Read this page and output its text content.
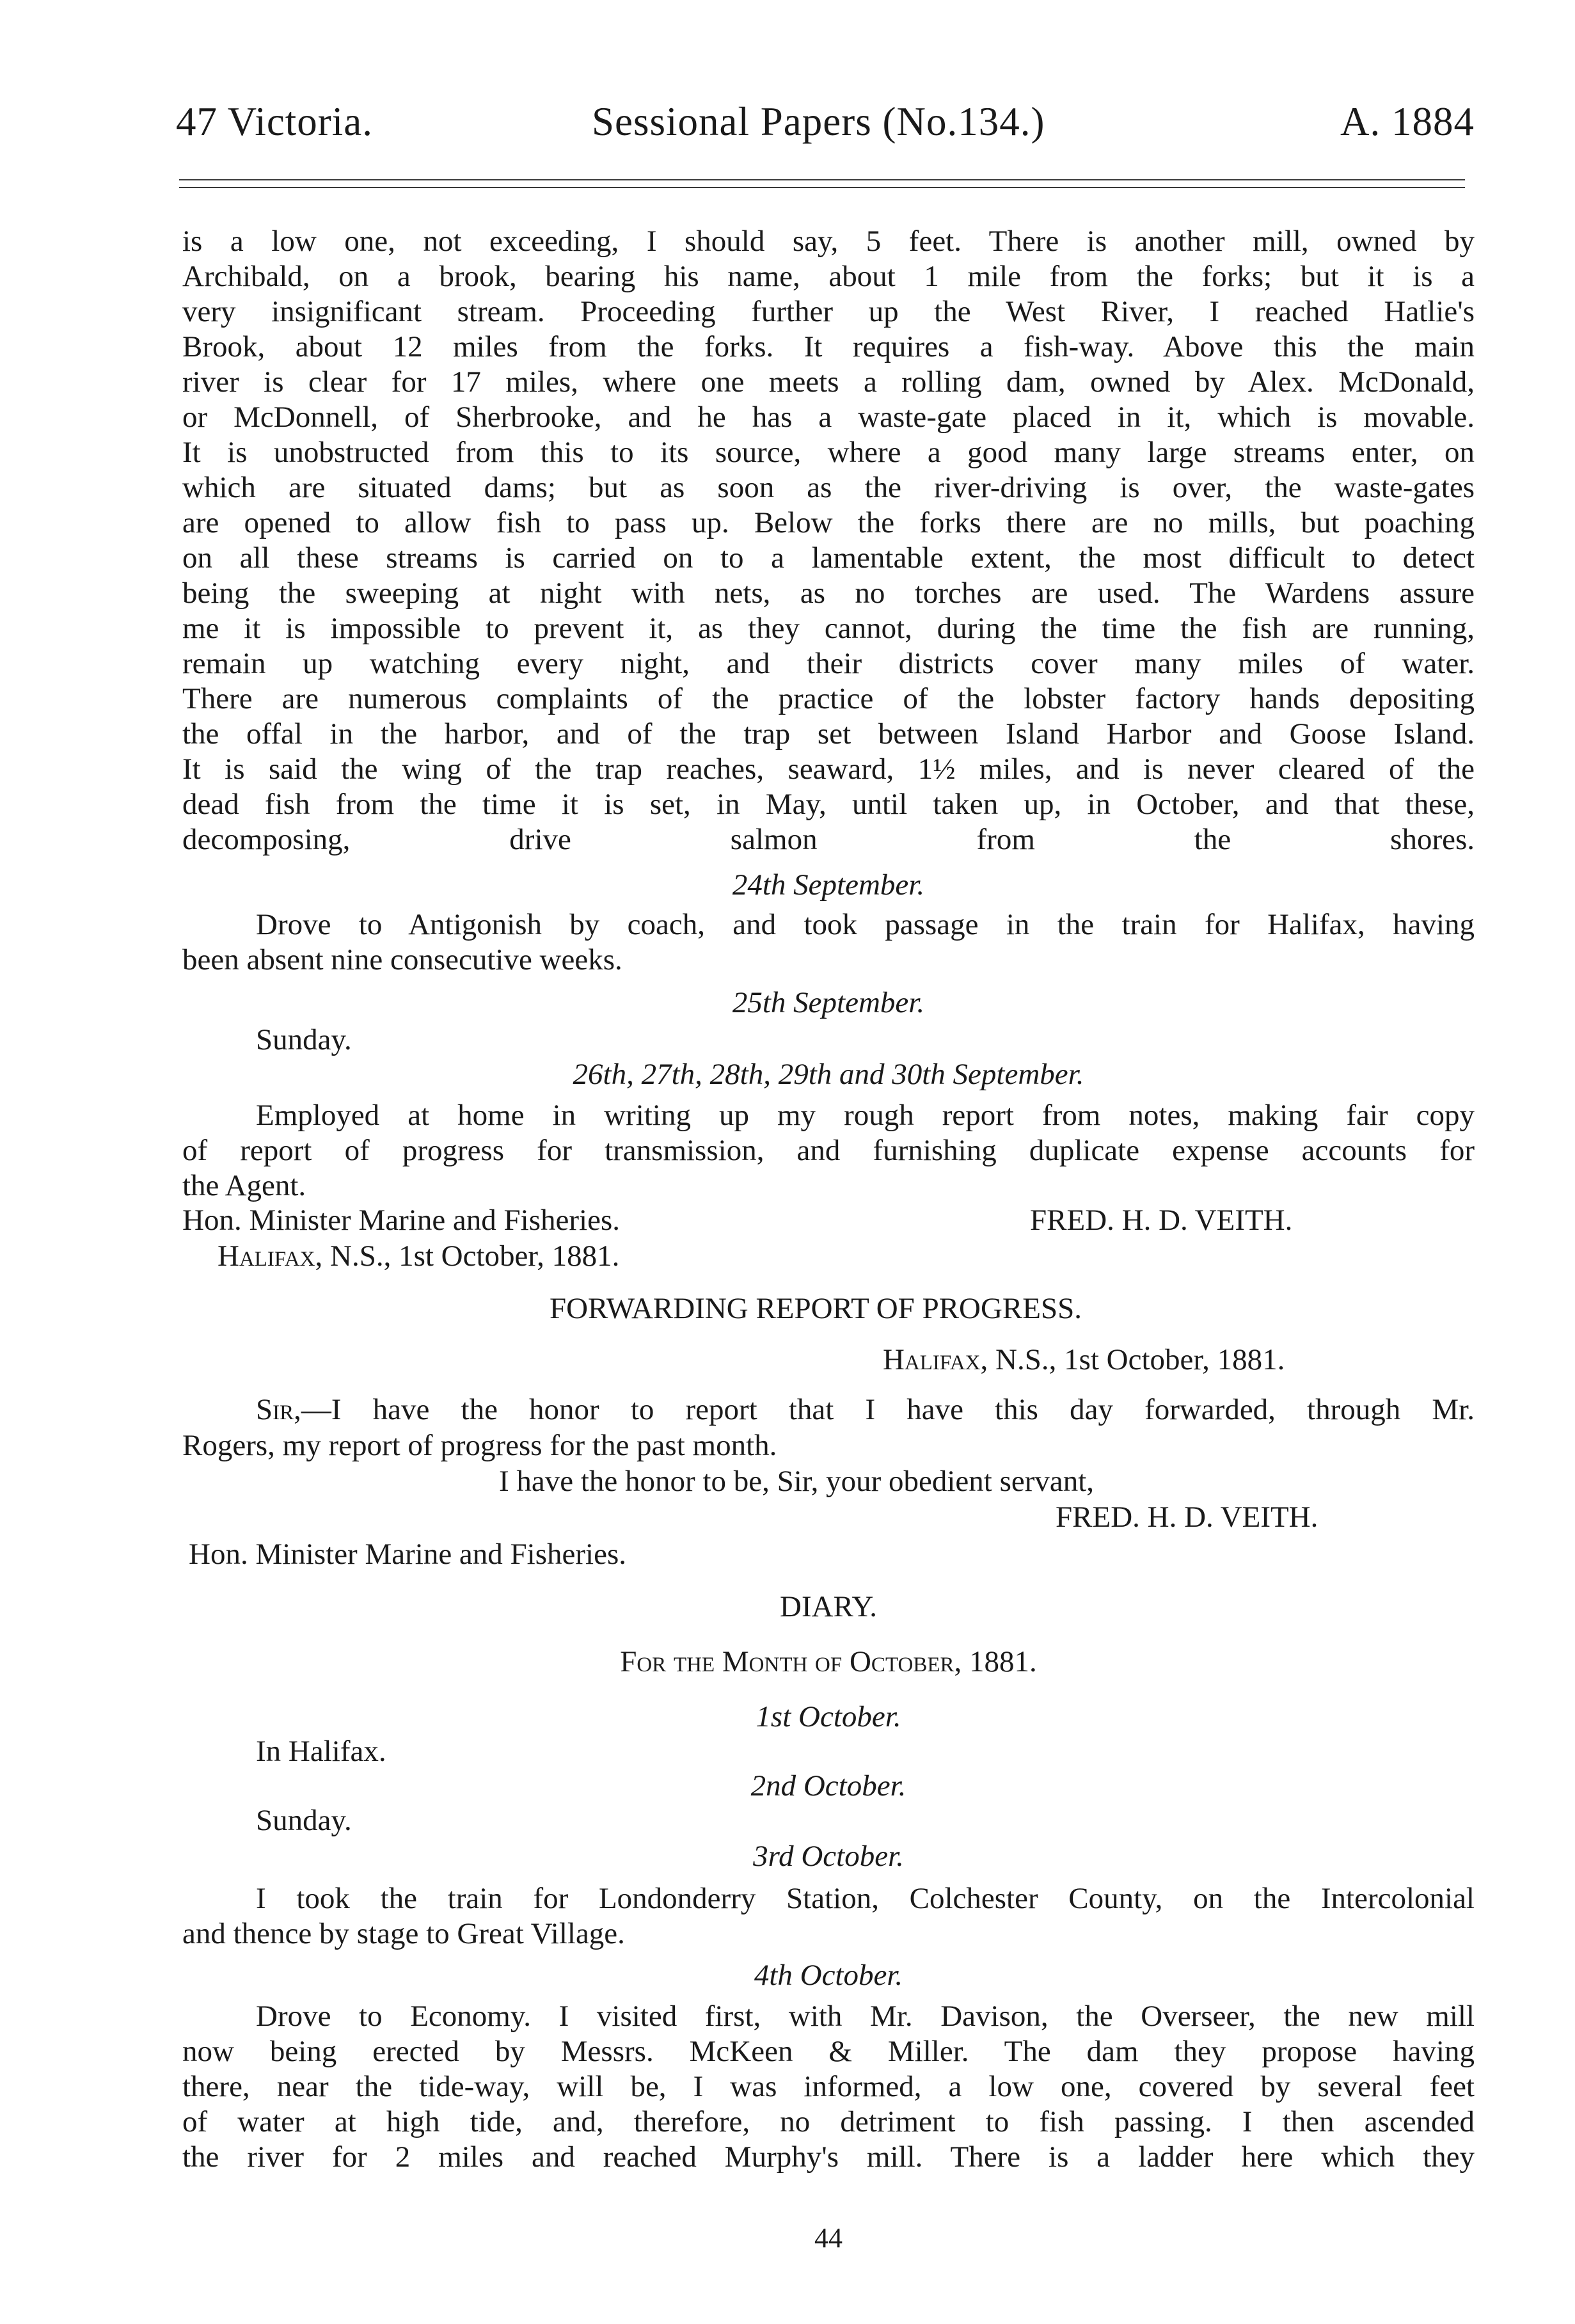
47 Victoria.	Sessional Papers (No.134.)	A. 1884
is a low one, not exceeding, I should say, 5 feet. There is another mill, owned by
Archibald, on a brook, bearing his name, about 1 mile from the forks; but it is a
very insignificant stream. Proceeding further up the West River, I reached Hatlie's
Brook, about 12 miles from the forks. It requires a fish-way. Above this the main
river is clear for 17 miles, where one meets a rolling dam, owned by Alex. McDonald,
or McDonnell, of Sherbrooke, and he has a waste-gate placed in it, which is movable.
It is unobstructed from this to its source, where a good many large streams enter, on
which are situated dams; but as soon as the river-driving is over, the waste-gates
are opened to allow fish to pass up. Below the forks there are no mills, but poaching
on all these streams is carried on to a lamentable extent, the most difficult to detect
being the sweeping at night with nets, as no torches are used. The Wardens assure
me it is impossible to prevent it, as they cannot, during the time the fish are running,
remain up watching every night, and their districts cover many miles of water.
There are numerous complaints of the practice of the lobster factory hands depositing
the offal in the harbor, and of the trap set between Island Harbor and Goose Island.
It is said the wing of the trap reaches, seaward, 1½ miles, and is never cleared of the
dead fish from the time it is set, in May, until taken up, in October, and that these,
decomposing, drive salmon from the shores.
24th September.
Drove to Antigonish by coach, and took passage in the train for Halifax, having
been absent nine consecutive weeks.
25th September.
Sunday.
26th, 27th, 28th, 29th and 30th September.
Employed at home in writing up my rough report from notes, making fair copy
of report of progress for transmission, and furnishing duplicate expense accounts for
the Agent.
Hon. Minister Marine and Fisheries.	FRED. H. D. VEITH.
Halifax, N.S., 1st October, 1881.
FORWARDING REPORT OF PROGRESS.
Halifax, N.S., 1st October, 1881.
Sir,—I have the honor to report that I have this day forwarded, through Mr.
Rogers, my report of progress for the past month.
I have the honor to be, Sir, your obedient servant,
FRED. H. D. VEITH.
Hon. Minister Marine and Fisheries.
DIARY.
For the Month of October, 1881.
1st October.
In Halifax.
2nd October.
Sunday.
3rd October.
I took the train for Londonderry Station, Colchester County, on the Intercolonial
and thence by stage to Great Village.
4th October.
Drove to Economy. I visited first, with Mr. Davison, the Overseer, the new mill
now being erected by Messrs. McKeen & Miller. The dam they propose having
there, near the tide-way, will be, I was informed, a low one, covered by several feet
of water at high tide, and, therefore, no detriment to fish passing. I then ascended
the river for 2 miles and reached Murphy's mill. There is a ladder here which they
44
